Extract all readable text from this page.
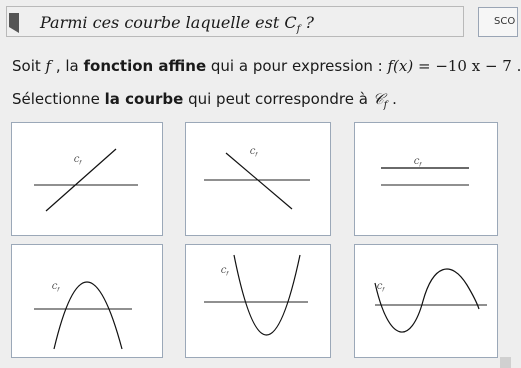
Parmi ces courbe laquelle est $C_f$ ?	SCO
Soit f , la fonction affine qui a pour expression : f(x) = −10 x − 7 .
Sélectionne la courbe qui peut correspondre à 𝒞$_f$ .
$C_f$
$C_f$
$C_f$
$C_f$
$C_f$
$C_f$
